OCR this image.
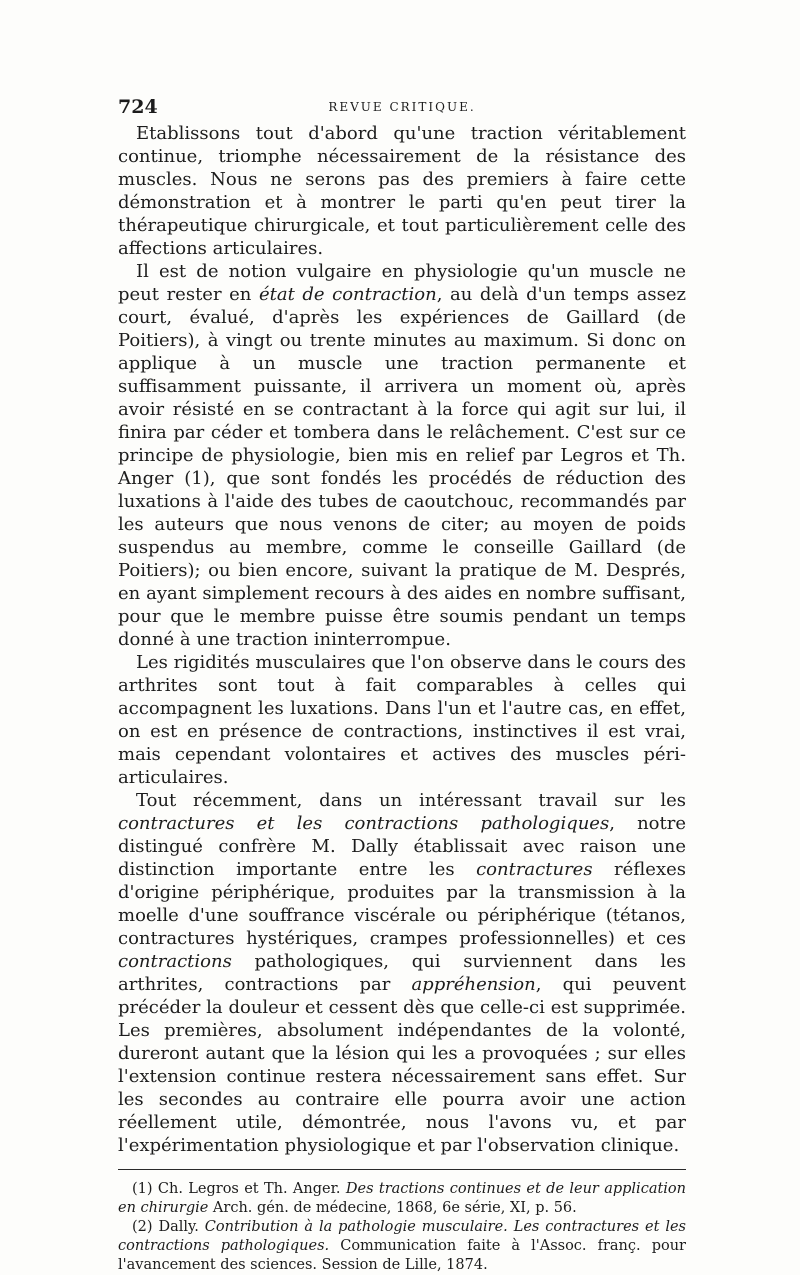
724	REVUE CRITIQUE.

Etablissons tout d'abord qu'une traction véritablement continue, triomphe nécessairement de la résistance des muscles. Nous ne serons pas des premiers à faire cette démonstration et à montrer le parti qu'en peut tirer la thérapeutique chirurgicale, et tout particulièrement celle des affections articulaires.

Il est de notion vulgaire en physiologie qu'un muscle ne peut rester en état de contraction, au delà d'un temps assez court, évalué, d'après les expériences de Gaillard (de Poitiers), à vingt ou trente minutes au maximum. Si donc on applique à un muscle une traction permanente et suffisamment puissante, il arrivera un moment où, après avoir résisté en se contractant à la force qui agit sur lui, il finira par céder et tombera dans le relâchement. C'est sur ce principe de physiologie, bien mis en relief par Legros et Th. Anger (1), que sont fondés les procédés de réduction des luxations à l'aide des tubes de caoutchouc, recommandés par les auteurs que nous venons de citer; au moyen de poids suspendus au membre, comme le conseille Gaillard (de Poitiers); ou bien encore, suivant la pratique de M. Després, en ayant simplement recours à des aides en nombre suffisant, pour que le membre puisse être soumis pendant un temps donné à une traction ininterrompue.

Les rigidités musculaires que l'on observe dans le cours des arthrites sont tout à fait comparables à celles qui accompagnent les luxations. Dans l'un et l'autre cas, en effet, on est en présence de contractions, instinctives il est vrai, mais cependant volontaires et actives des muscles péri-articulaires.

Tout récemment, dans un intéressant travail sur les contractures et les contractions pathologiques, notre distingué confrère M. Dally établissait avec raison une distinction importante entre les contractures réflexes d'origine périphérique, produites par la transmission à la moelle d'une souffrance viscérale ou périphérique (tétanos, contractures hystériques, crampes professionnelles) et ces contractions pathologiques, qui surviennent dans les arthrites, contractions par appréhension, qui peuvent précéder la douleur et cessent dès que celle-ci est supprimée. Les premières, absolument indépendantes de la volonté, dureront autant que la lésion qui les a provoquées ; sur elles l'extension continue restera nécessairement sans effet. Sur les secondes au contraire elle pourra avoir une action réellement utile, démontrée, nous l'avons vu, et par l'expérimentation physiologique et par l'observation clinique.

(1) Ch. Legros et Th. Anger. Des tractions continues et de leur application en chirurgie Arch. gén. de médecine, 1868, 6e série, XI, p. 56.

(2) Dally. Contribution à la pathologie musculaire. Les contractures et les contractions pathologiques. Communication faite à l'Assoc. franç. pour l'avancement des sciences. Session de Lille, 1874.
